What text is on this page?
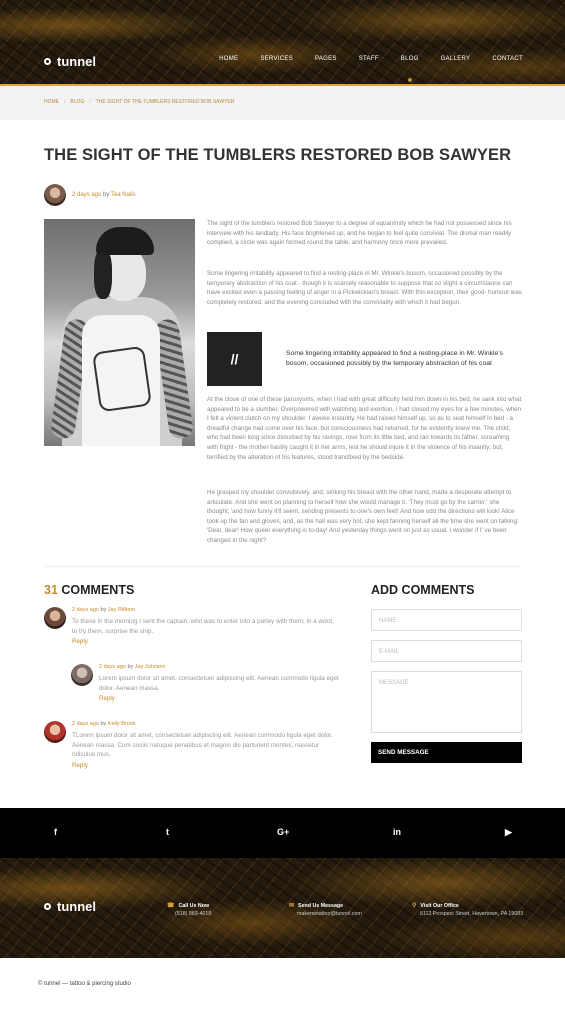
tunnel	HOME	SERVICES	PAGES	STAFF	BLOG	GALLERY	CONTACT
HOME / BLOG / THE SIGHT OF THE TUMBLERS RESTORED BOB SAWYER
THE SIGHT OF THE TUMBLERS RESTORED BOB SAWYER
2 days ago by Tea Nails

The sight of the tumblers restored Bob Sawyer to a degree of equanimity which he had not possessed since his interview with his landlady. His face brightened up, and he began to feel quite convivial. The dismal man readily complied, a circle was again formed round the table, and harmony once more prevailed.

Some lingering irritability appeared to find a resting-place in Mr. Winkle's bosom, occasioned possibly by the temporary abstraction of his coat - though it is scarcely reasonable to suppose that so slight a circumstance can have excited even a passing feeling of anger in a Pickwickian's breast. With this exception, their good- humour was completely restored, and the evening concluded with the conviviality with which it had begun.

//	Some lingering irritability appeared to find a resting-place in Mr. Winkle's bosom, occasioned possibly by the temporary abstraction of his coat

At the close of one of these paroxysms, when I had with great difficulty held him down in his bed, he sank into what appeared to be a slumber. Overpowered with watching and exertion, I had closed my eyes for a few minutes, when I felt a violent clutch on my shoulder. I awoke instantly. He had raised himself up, so as to seat himself in bed - a dreadful change had come over his face, but consciousness had returned, for he evidently knew me. The child, who had been long since disturbed by his ravings, rose from its little bed, and ran towards its father, screaming with fright - the mother hastily caught it in her arms, lest he should injure it in the violence of his insanity; but, terrified by the alteration of his features, stood transfixed by the bedside.

He grasped my shoulder convulsively, and, striking his breast with the other hand, made a desperate attempt to articulate. And she went on planning to herself how she would manage it. 'They must go by the carrier,' she thought; 'and how funny it'll seem, sending presents to one's own feet! And how odd the directions will look! Alice took up the fan and gloves, and, as the hall was very hot, she kept fanning herself all the time she went on talking: 'Dear, dear! How queer everything is to-day! And yesterday things went on just as usual. I wonder if I' ve been changed in the night?

31 COMMENTS
2 days ago by Jay Rifkton
To these in the morning I sent the captain, who was to enter into a parley with them; in a word, to try them, surprise the ship.
Reply
2 days ago by Jay Johnson
Lorem ipsum dolor sit amet, consectetuer adipiscing elit. Aenean commodo ligula eget dolor. Aenean massa.
Reply
2 days ago by Kelly Brook
TLorem ipsum dolor sit amet, consectetuer adipiscing elit. Aenean commodo ligula eget dolor. Aenean massa. Cum sociis natoque penatibus et magnis dis parturient montes, nascetur ridiculus mus.
Reply
ADD COMMENTS
NAME
E-MAIL
MESSAGE
SEND MESSAGE
f	t	G+	in	▶
tunnel	☎ Call Us Now
(518) 883-4018
✉ Send Us Message
makemetattoo@tunnel.com
⚲ Visit Our Office
8112 Prospect Street, Havertown, PA 19083
© tunnel — tattoo & piercing studio
